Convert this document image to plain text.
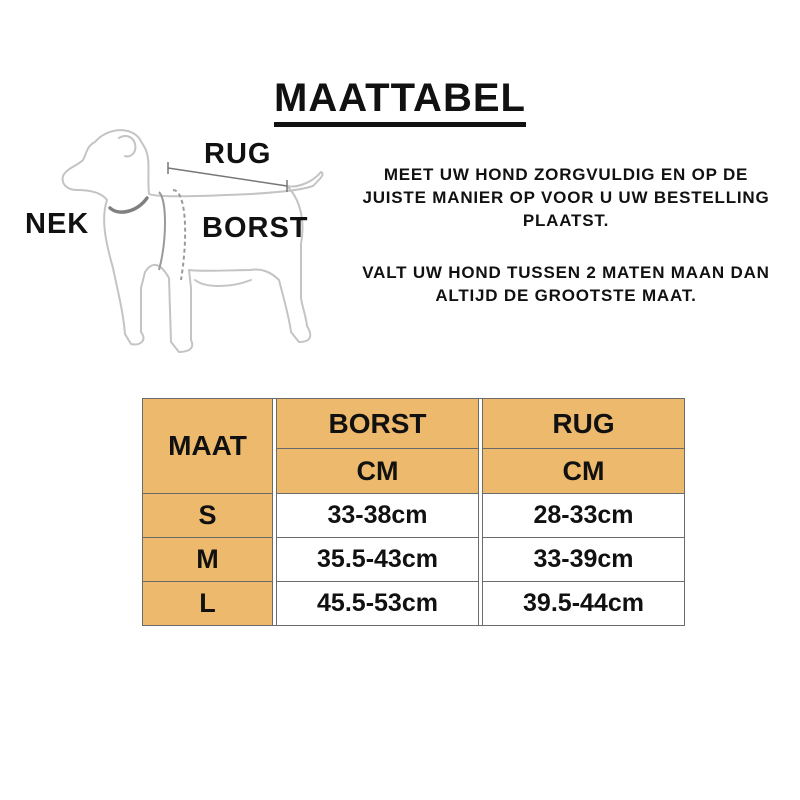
MAATTABEL
RUG
NEK	BORST
MEET UW HOND ZORGVULDIG EN OP DE JUISTE MANIER OP VOOR U UW BESTELLING PLAATST.
VALT UW HOND TUSSEN 2 MATEN MAAN DAN ALTIJD DE GROOTSTE MAAT.
MAAT		BORST		RUG
		CM		CM
S		33-38cm		28-33cm
M		35.5-43cm		33-39cm
L		45.5-53cm		39.5-44cm
